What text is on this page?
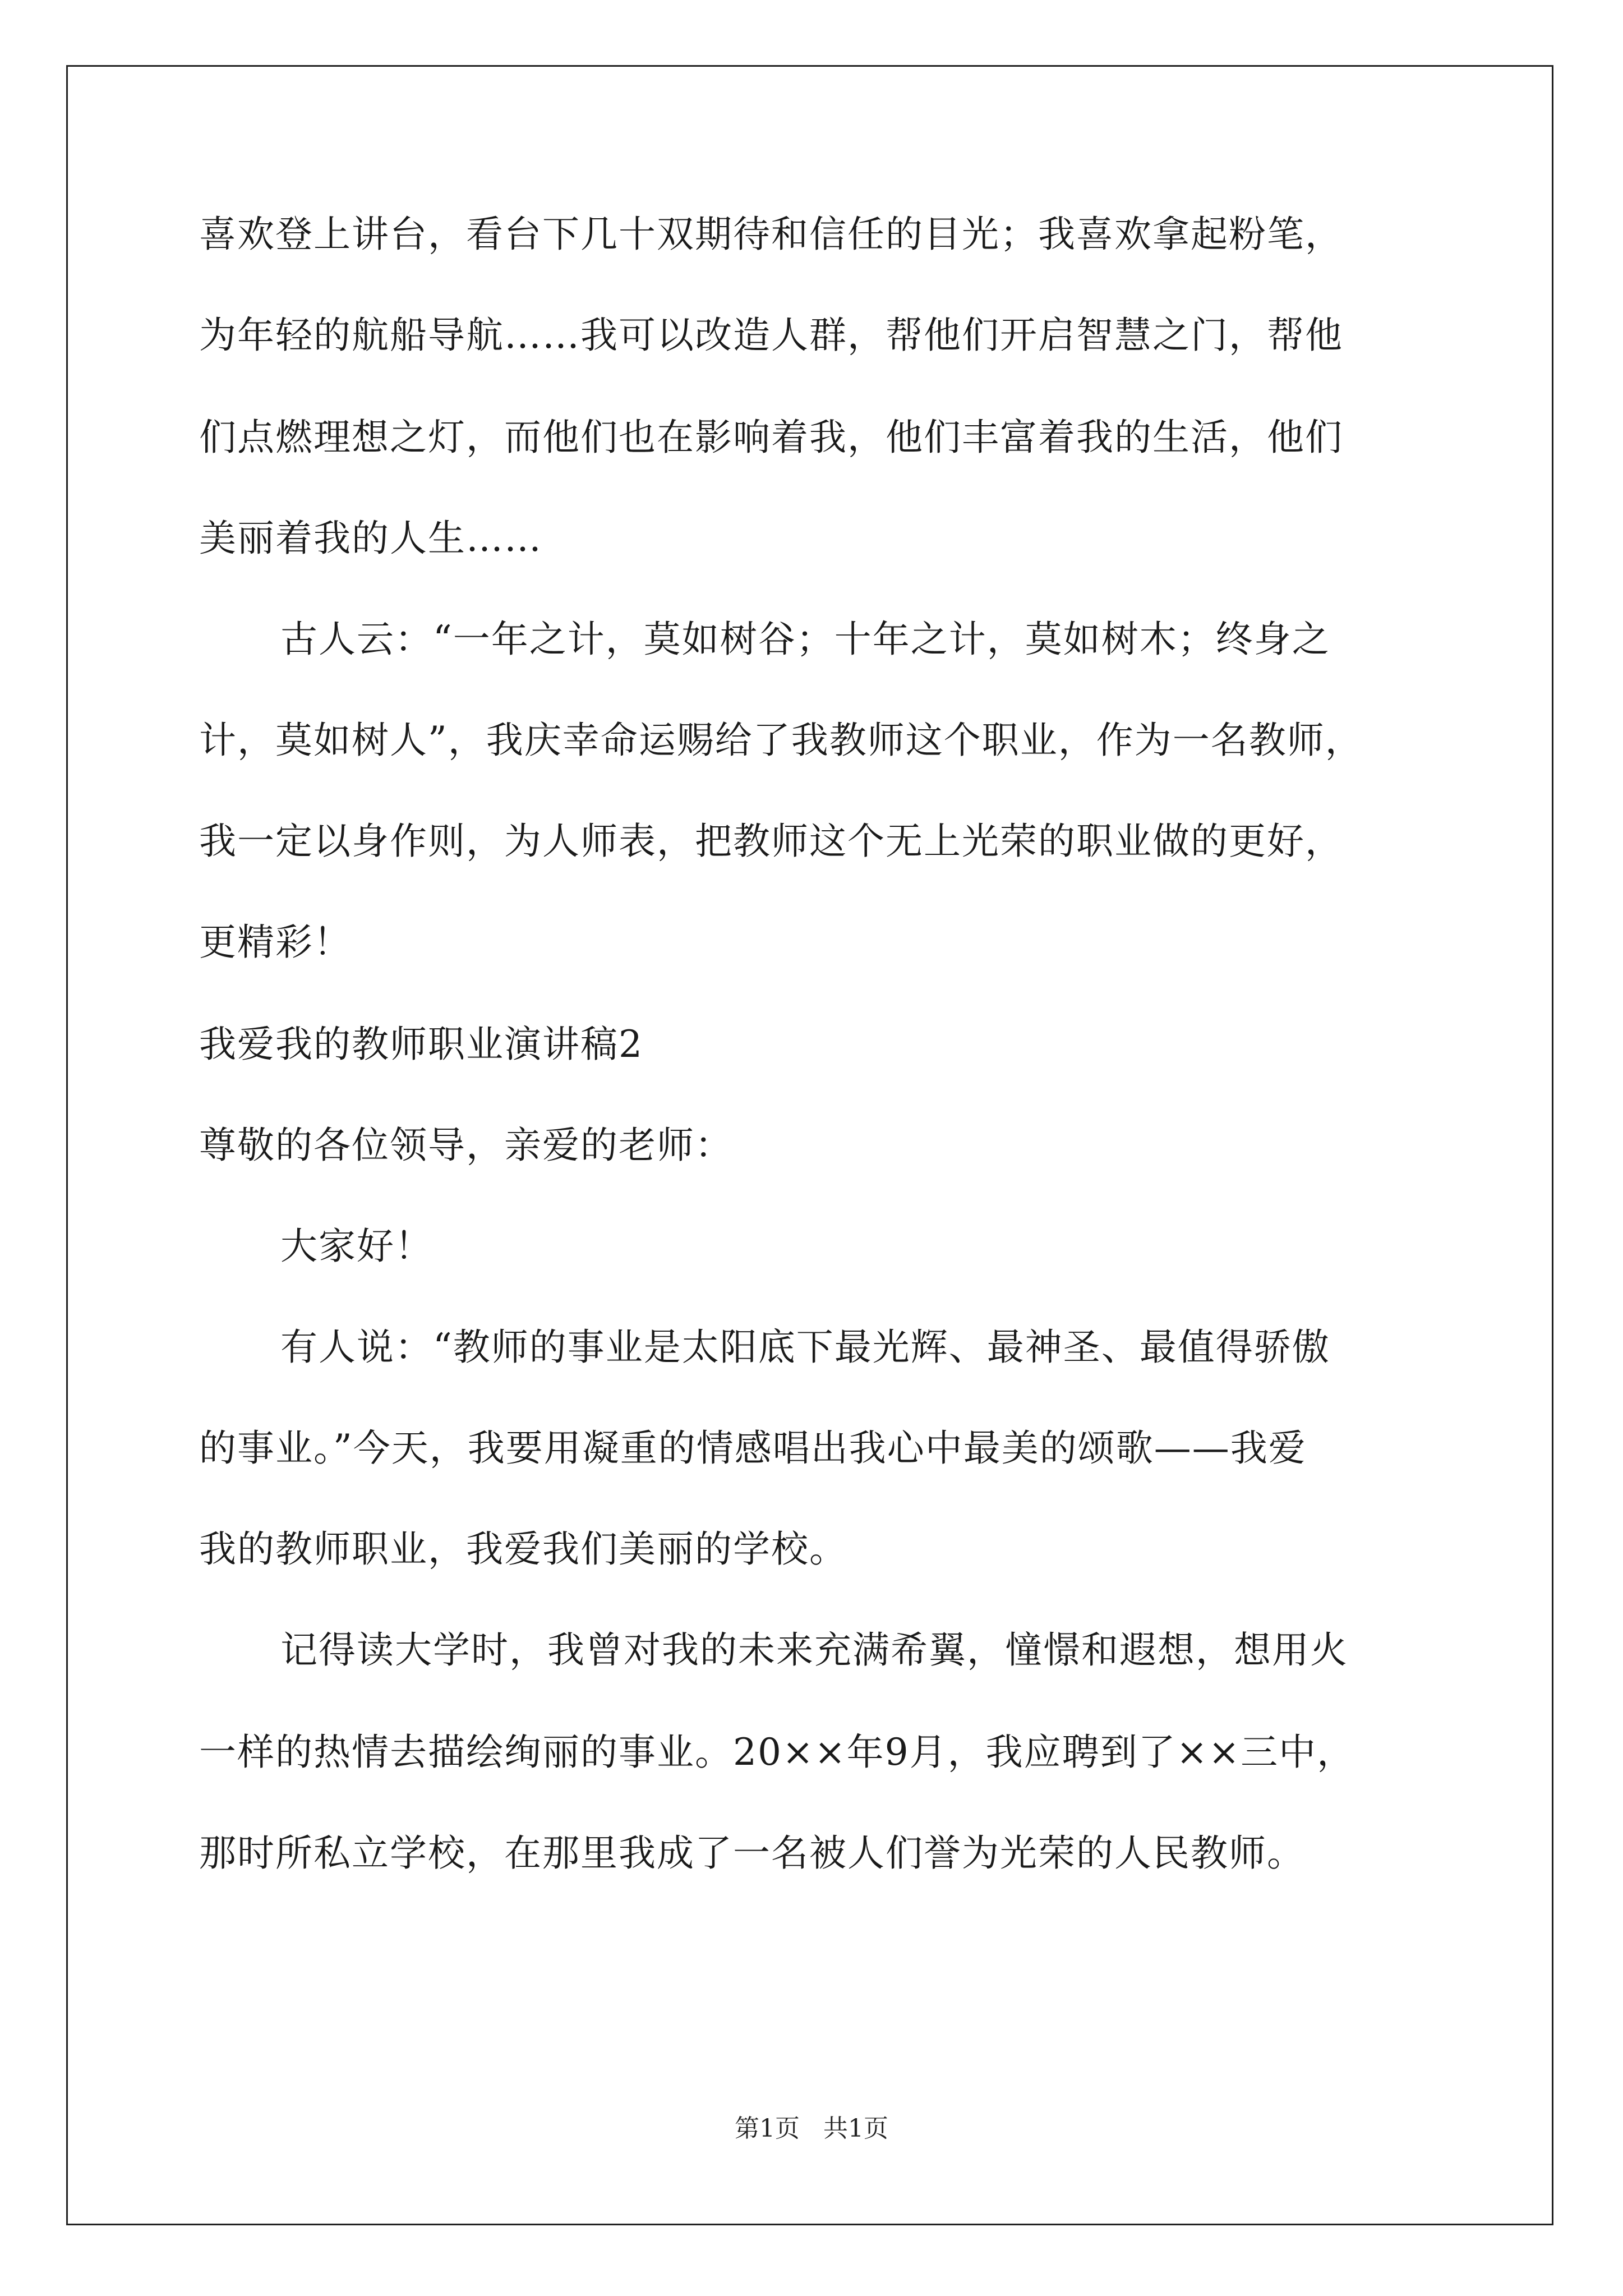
喜欢登上讲台，看台下几十双期待和信任的目光；我喜欢拿起粉笔，
为年轻的航船导航……我可以改造人群，帮他们开启智慧之门，帮他
们点燃理想之灯，而他们也在影响着我，他们丰富着我的生活，他们
美丽着我的人生……
古人云：“一年之计，莫如树谷；十年之计，莫如树木；终身之
计，莫如树人”，我庆幸命运赐给了我教师这个职业，作为一名教师，
我一定以身作则，为人师表，把教师这个无上光荣的职业做的更好，
更精彩！
我爱我的教师职业演讲稿2
尊敬的各位领导，亲爱的老师：
大家好！
有人说：“教师的事业是太阳底下最光辉、最神圣、最值得骄傲
的事业。”今天，我要用凝重的情感唱出我心中最美的颂歌——我爱
我的教师职业，我爱我们美丽的学校。
记得读大学时，我曾对我的未来充满希翼，憧憬和遐想，想用火
一样的热情去描绘绚丽的事业。20××年9月，我应聘到了××三中，
那时所私立学校，在那里我成了一名被人们誉为光荣的人民教师。
第1页   共1页
